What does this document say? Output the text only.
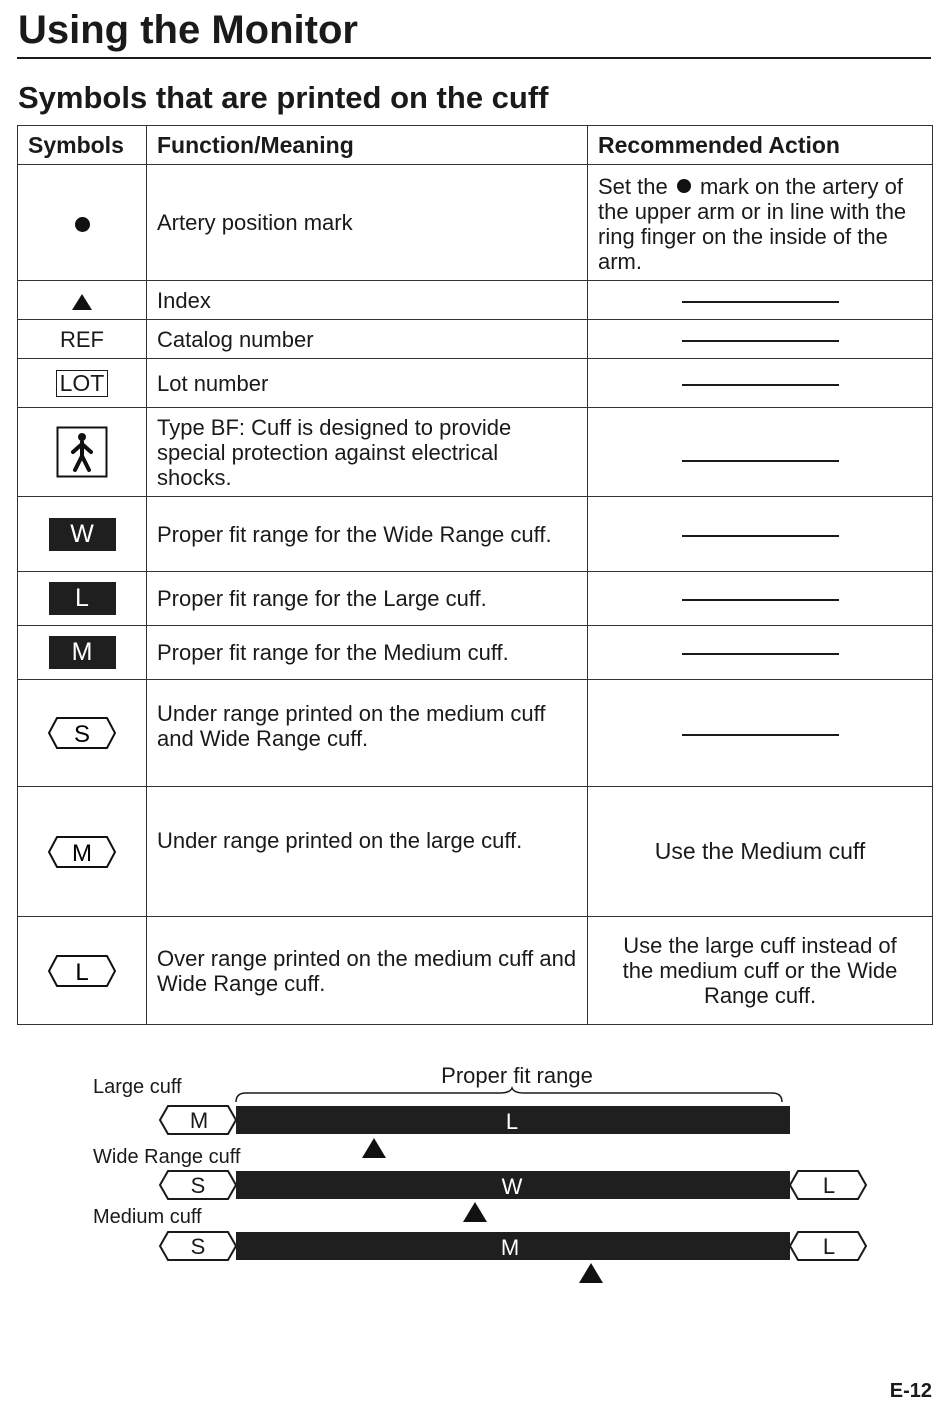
Using the Monitor
Symbols that are printed on the cuff
Symbols	Function/Meaning	Recommended Action
	Artery position mark	Set the mark on the artery of the upper arm or in line with the ring finger on the inside of the arm.
	Index	
REF	Catalog number	
LOT	Lot number	
	Type BF: Cuff is designed to provide special protection against electrical shocks.	
W	Proper fit range for the Wide Range cuff.	
L	Proper fit range for the Large cuff.	
M	Proper fit range for the Medium cuff.	

S	Under range printed on the medium cuff and Wide Range cuff.	

M	Under range printed on the large cuff.	Use the Medium cuff

L	Over range printed on the medium cuff and Wide Range cuff.	Use the large cuff instead of the medium cuff or the Wide Range cuff.
Proper fit range
Large cuff
M	L
Wide Range cuff
S	W	L
Medium cuff
S	M	L
E-12
